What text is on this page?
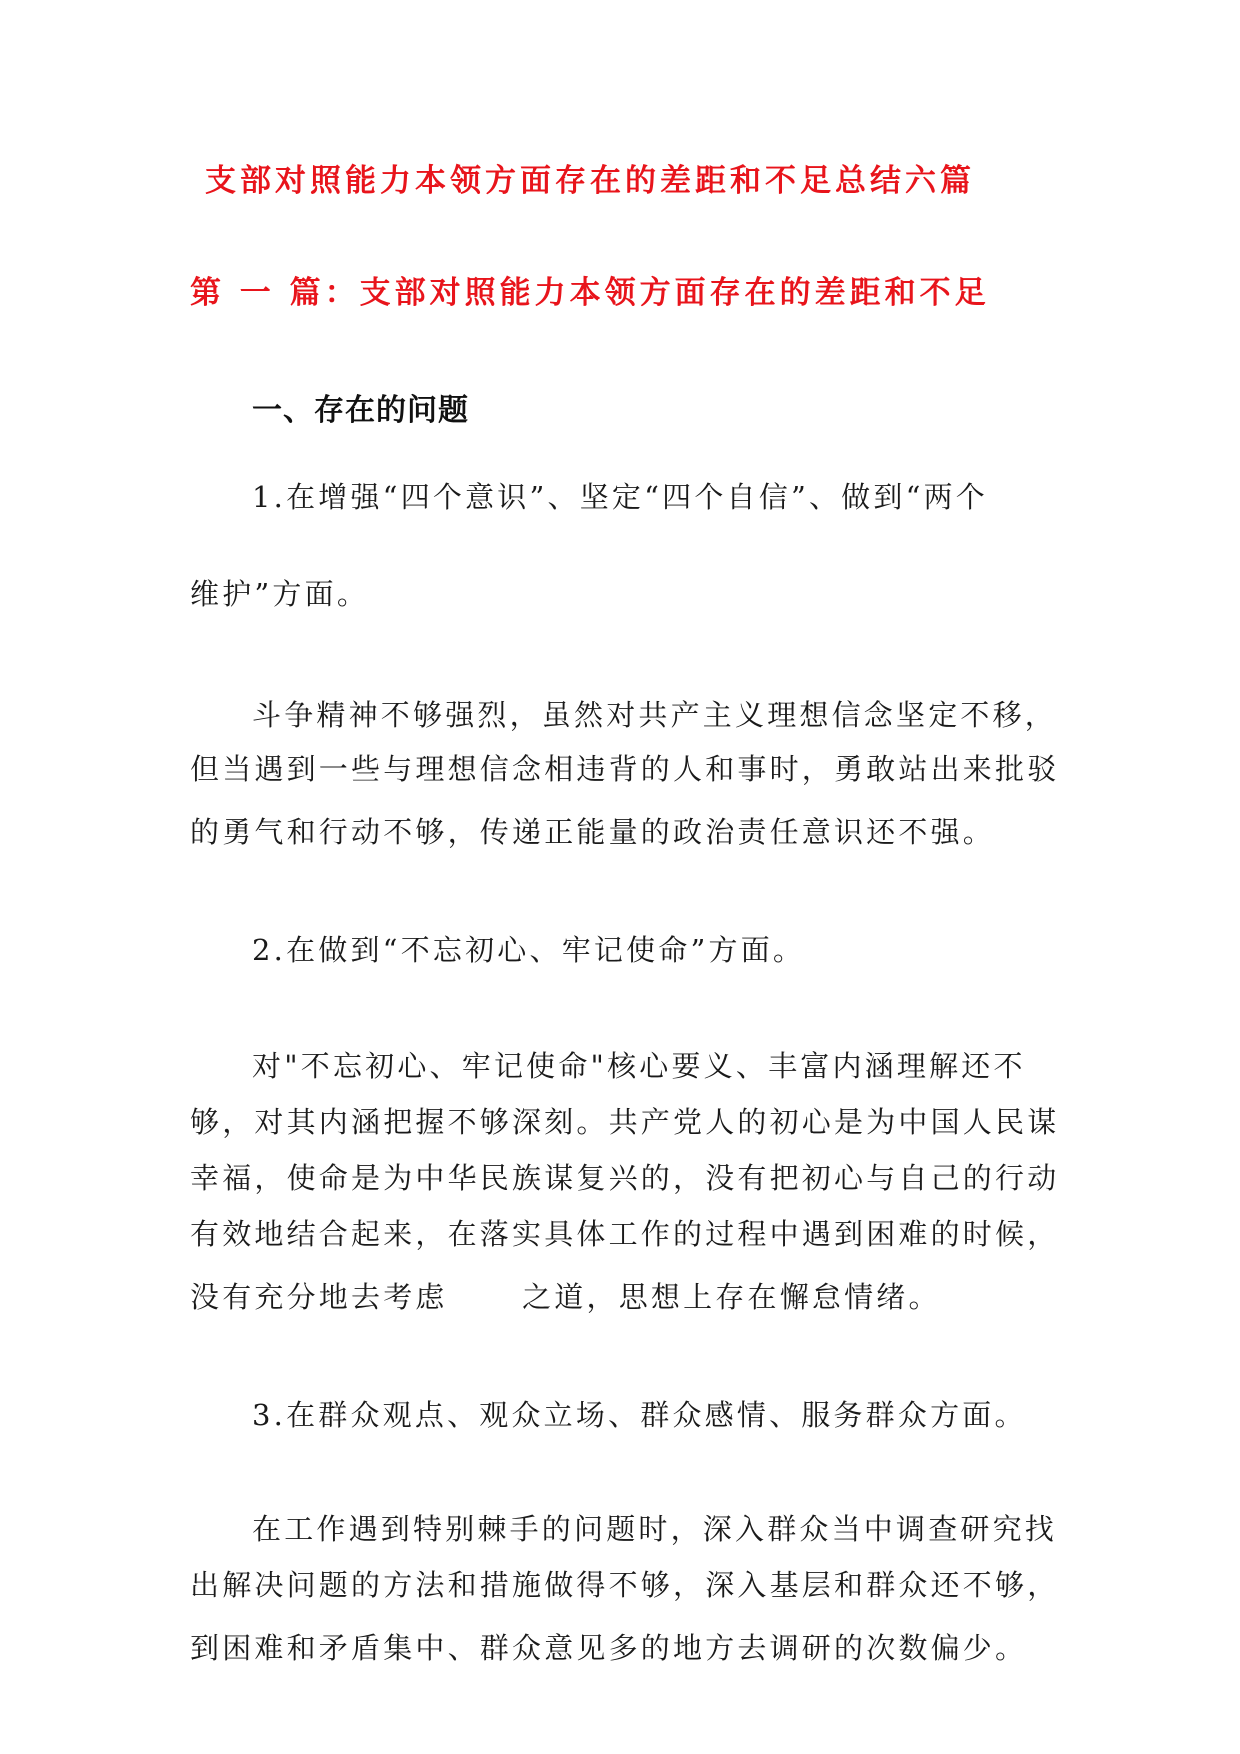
支部对照能力本领方面存在的差距和不足总结六篇
第 一 篇：支部对照能力本领方面存在的差距和不足
一、存在的问题
1.在增强“四个意识”、坚定“四个自信”、做到“两个
维护”方面。
斗争精神不够强烈，虽然对共产主义理想信念坚定不移，
但当遇到一些与理想信念相违背的人和事时，勇敢站出来批驳
的勇气和行动不够，传递正能量的政治责任意识还不强。
2.在做到“不忘初心、牢记使命”方面。
对"不忘初心、牢记使命"核心要义、丰富内涵理解还不
够，对其内涵把握不够深刻。共产党人的初心是为中国人民谋
幸福，使命是为中华民族谋复兴的，没有把初心与自己的行动
有效地结合起来，在落实具体工作的过程中遇到困难的时候，
没有充分地去考虑      之道，思想上存在懈怠情绪。
3.在群众观点、观众立场、群众感情、服务群众方面。
在工作遇到特别棘手的问题时，深入群众当中调查研究找
出解决问题的方法和措施做得不够，深入基层和群众还不够，
到困难和矛盾集中、群众意见多的地方去调研的次数偏少。
